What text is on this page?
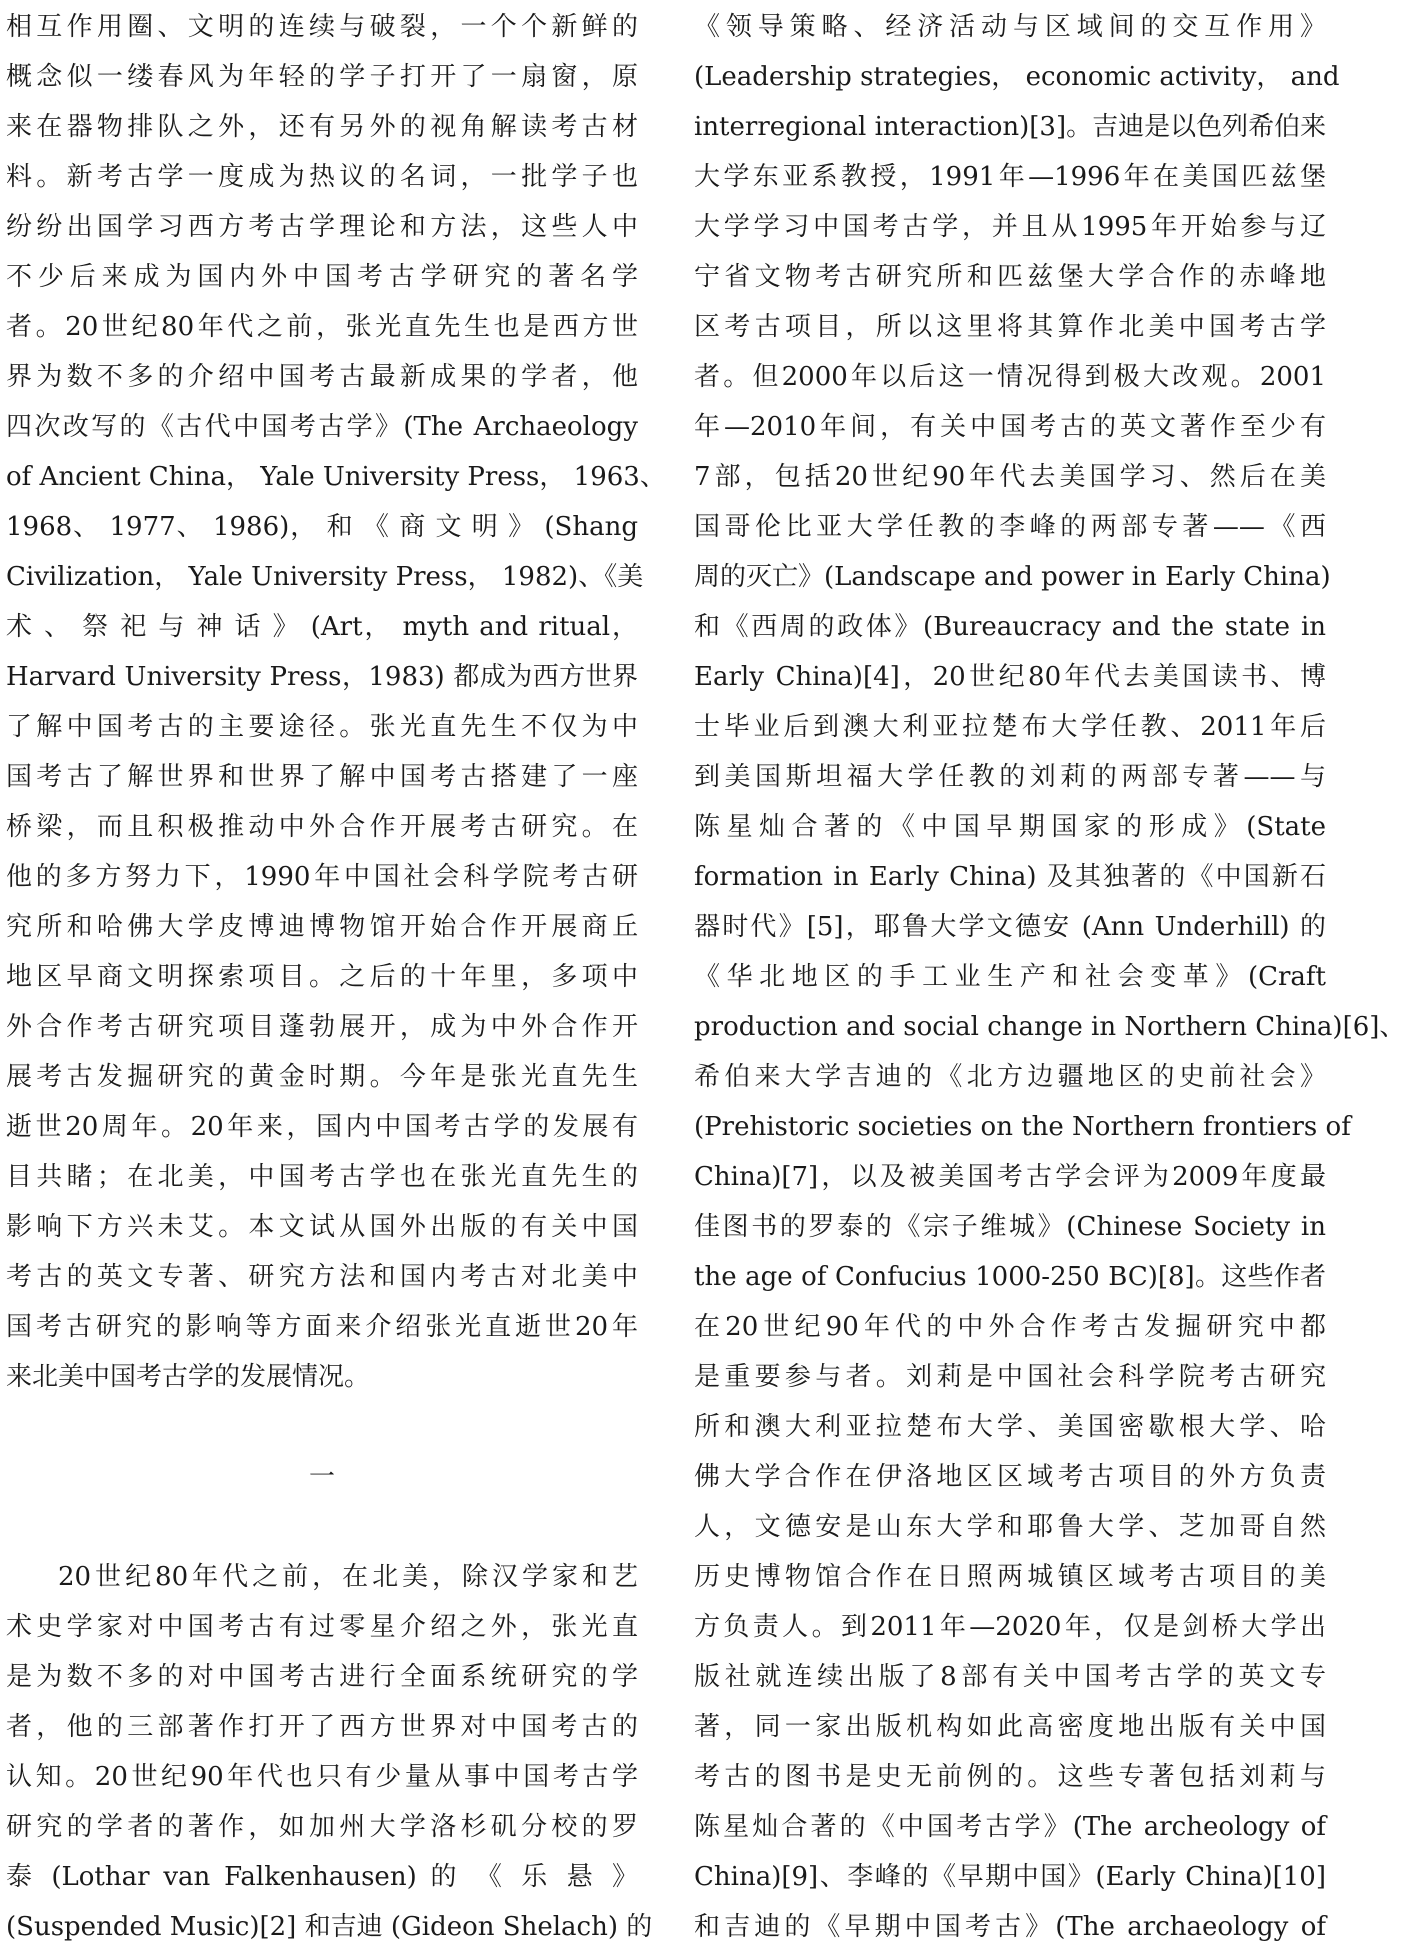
相互作用圈、文明的连续与破裂，一个个新鲜的
概念似一缕春风为年轻的学子打开了一扇窗，原
来在器物排队之外，还有另外的视角解读考古材
料。新考古学一度成为热议的名词，一批学子也
纷纷出国学习西方考古学理论和方法，这些人中
不少后来成为国内外中国考古学研究的著名学
者。20世纪80年代之前，张光直先生也是西方世
界为数不多的介绍中国考古最新成果的学者，他
四次改写的《古代中国考古学》(The Archaeology
of Ancient China， Yale University Press， 1963、
1968、 1977、 1986)， 和 《 商 文 明 》 (Shang
Civilization， Yale University Press， 1982)、《美
术 、 祭 祀 与 神 话 》 (Art， myth and ritual，
Harvard University Press，1983) 都成为西方世界
了解中国考古的主要途径。张光直先生不仅为中
国考古了解世界和世界了解中国考古搭建了一座
桥梁，而且积极推动中外合作开展考古研究。在
他的多方努力下，1990年中国社会科学院考古研
究所和哈佛大学皮博迪博物馆开始合作开展商丘
地区早商文明探索项目。之后的十年里，多项中
外合作考古研究项目蓬勃展开，成为中外合作开
展考古发掘研究的黄金时期。今年是张光直先生
逝世20周年。20年来，国内中国考古学的发展有
目共睹；在北美，中国考古学也在张光直先生的
影响下方兴未艾。本文试从国外出版的有关中国
考古的英文专著、研究方法和国内考古对北美中
国考古研究的影响等方面来介绍张光直逝世20年
来北美中国考古学的发展情况。
一
20世纪80年代之前，在北美，除汉学家和艺
术史学家对中国考古有过零星介绍之外，张光直
是为数不多的对中国考古进行全面系统研究的学
者，他的三部著作打开了西方世界对中国考古的
认知。20世纪90年代也只有少量从事中国考古学
研究的学者的著作，如加州大学洛杉矶分校的罗
泰 (Lothar van Falkenhausen) 的 《 乐 悬 》
(Suspended Music)[2] 和吉迪 (Gideon Shelach) 的
《领导策略、经济活动与区域间的交互作用》
(Leadership strategies， economic activity， and
interregional interaction)[3]。吉迪是以色列希伯来
大学东亚系教授，1991年—1996年在美国匹兹堡
大学学习中国考古学，并且从1995年开始参与辽
宁省文物考古研究所和匹兹堡大学合作的赤峰地
区考古项目，所以这里将其算作北美中国考古学
者。但2000年以后这一情况得到极大改观。2001
年—2010年间，有关中国考古的英文著作至少有
7部，包括20世纪90年代去美国学习、然后在美
国哥伦比亚大学任教的李峰的两部专著——《西
周的灭亡》(Landscape and power in Early China)
和《西周的政体》(Bureaucracy and the state in
Early China)[4]，20世纪80年代去美国读书、博
士毕业后到澳大利亚拉楚布大学任教、2011年后
到美国斯坦福大学任教的刘莉的两部专著——与
陈星灿合著的《中国早期国家的形成》(State
formation in Early China) 及其独著的《中国新石
器时代》[5]，耶鲁大学文德安 (Ann Underhill) 的
《华北地区的手工业生产和社会变革》(Craft
production and social change in Northern China)[6]、
希伯来大学吉迪的《北方边疆地区的史前社会》
(Prehistoric societies on the Northern frontiers of
China)[7]，以及被美国考古学会评为2009年度最
佳图书的罗泰的《宗子维城》(Chinese Society in
the age of Confucius 1000-250 BC)[8]。这些作者
在20世纪90年代的中外合作考古发掘研究中都
是重要参与者。刘莉是中国社会科学院考古研究
所和澳大利亚拉楚布大学、美国密歇根大学、哈
佛大学合作在伊洛地区区域考古项目的外方负责
人，文德安是山东大学和耶鲁大学、芝加哥自然
历史博物馆合作在日照两城镇区域考古项目的美
方负责人。到2011年—2020年，仅是剑桥大学出
版社就连续出版了8部有关中国考古学的英文专
著，同一家出版机构如此高密度地出版有关中国
考古的图书是史无前例的。这些专著包括刘莉与
陈星灿合著的《中国考古学》(The archeology of
China)[9]、李峰的《早期中国》(Early China)[10]
和吉迪的《早期中国考古》(The archaeology of
